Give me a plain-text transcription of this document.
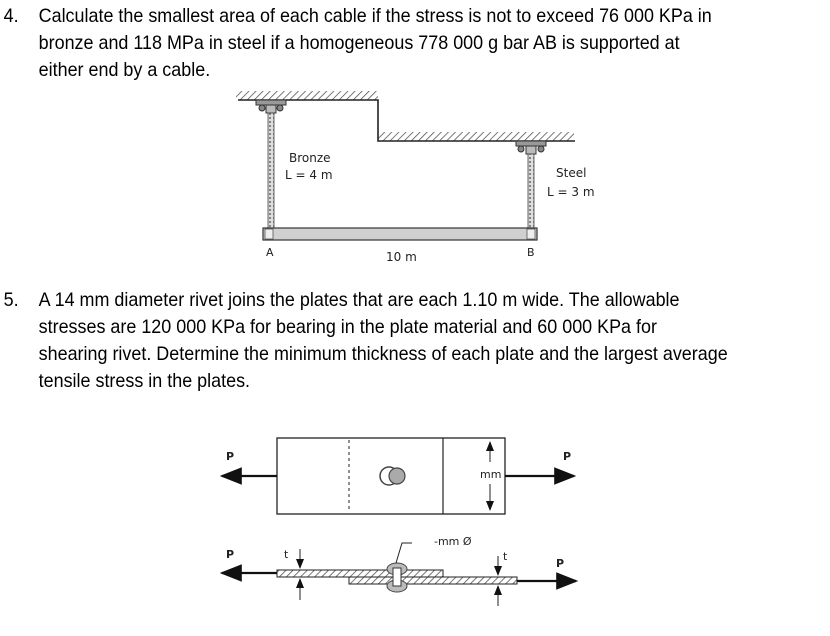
4. Calculate the smallest area of each cable if the stress is not to exceed 76 000 KPa in
bronze and 118 MPa in steel if a homogeneous 778 000 g bar AB is supported at
either end by a cable.
5. A 14 mm diameter rivet joins the plates that are each 1.10 m wide. The allowable
stresses are 120 000 KPa for bearing in the plate material and 60 000 KPa for
shearing rivet. Determine the minimum thickness of each plate and the largest average
tensile stress in the plates.
Bronze
L = 4 m	Steel
L = 3 m
A	B
10 m
mm
P	P
-mm Ø
t	t
P
P
